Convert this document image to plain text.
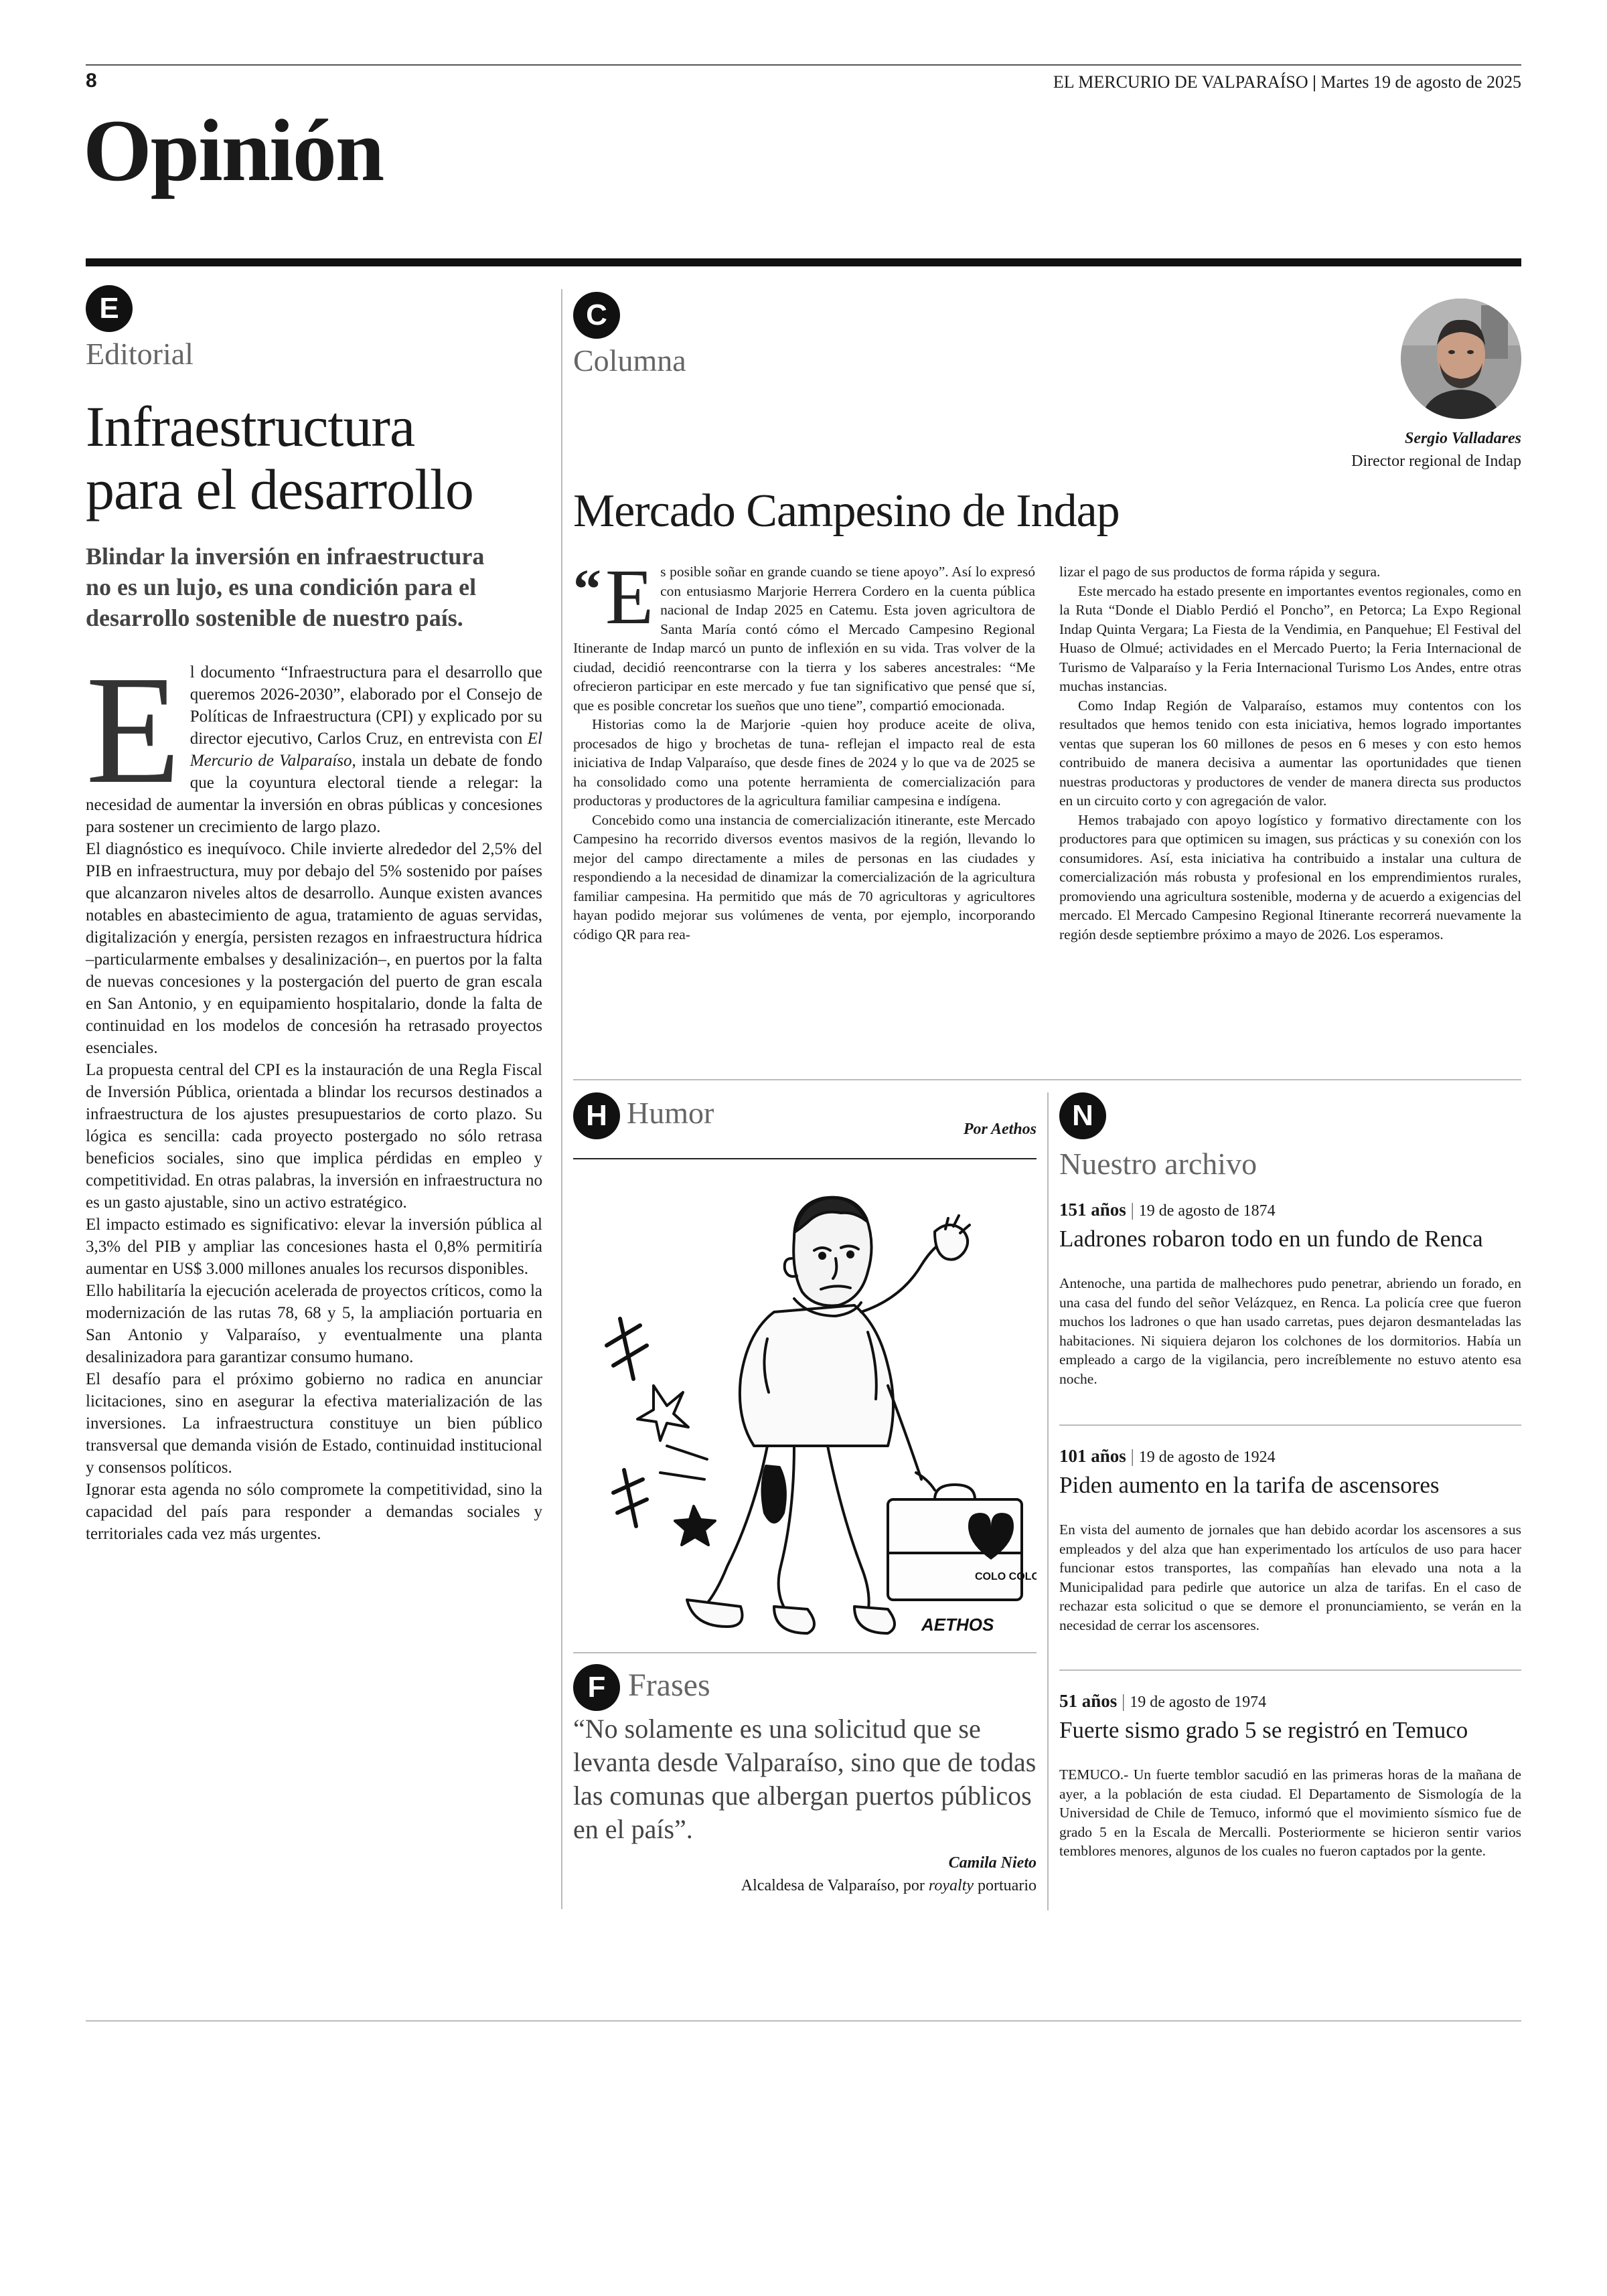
8	EL MERCURIO DE VALPARAÍSO | Martes 19 de agosto de 2025
Opinión
E
Editorial
Infraestructura
para el desarrollo
Blindar la inversión en infraestructura no es un lujo, es una condición para el desarrollo sostenible de nuestro país.

El documento “Infraestructura para el desarrollo que queremos 2026-2030”, elaborado por el Consejo de Políticas de Infraestructura (CPI) y explicado por su director ejecutivo, Carlos Cruz, en entrevista con El Mercurio de Valparaíso, instala un debate de fondo que la coyuntura electoral tiende a relegar: la necesidad de aumentar la inversión en obras públicas y concesiones para sostener un crecimiento de largo plazo.

El diagnóstico es inequívoco. Chile invierte alrededor del 2,5% del PIB en infraestructura, muy por debajo del 5% sostenido por países que alcanzaron niveles altos de desarrollo. Aunque existen avances notables en abastecimiento de agua, tratamiento de aguas servidas, digitalización y energía, persisten rezagos en infraestructura hídrica –particularmente embalses y desalinización–, en puertos por la falta de nuevas concesiones y la postergación del puerto de gran escala en San Antonio, y en equipamiento hospitalario, donde la falta de continuidad en los modelos de concesión ha retrasado proyectos esenciales.

La propuesta central del CPI es la instauración de una Regla Fiscal de Inversión Pública, orientada a blindar los recursos destinados a infraestructura de los ajustes presupuestarios de corto plazo. Su lógica es sencilla: cada proyecto postergado no sólo retrasa beneficios sociales, sino que implica pérdidas en empleo y competitividad. En otras palabras, la inversión en infraestructura no es un gasto ajustable, sino un activo estratégico.

El impacto estimado es significativo: elevar la inversión pública al 3,3% del PIB y ampliar las concesiones hasta el 0,8% permitiría aumentar en US$ 3.000 millones anuales los recursos disponibles.

Ello habilitaría la ejecución acelerada de proyectos críticos, como la modernización de las rutas 78, 68 y 5, la ampliación portuaria en San Antonio y Valparaíso, y eventualmente una planta desalinizadora para garantizar consumo humano.

El desafío para el próximo gobierno no radica en anunciar licitaciones, sino en asegurar la efectiva materialización de las inversiones. La infraestructura constituye un bien público transversal que demanda visión de Estado, continuidad institucional y consensos políticos.

Ignorar esta agenda no sólo compromete la competitividad, sino la capacidad del país para responder a demandas sociales y territoriales cada vez más urgentes.

C
Columna
Sergio Valladares
Director regional de Indap
Mercado Campesino de Indap

“ E s posible soñar en grande cuando se tiene apoyo”. Así lo expresó con entusiasmo Marjorie Herrera Cordero en la cuenta pública nacional de Indap 2025 en Catemu. Esta joven agricultora de Santa María contó cómo el Mercado Campesino Regional Itinerante de Indap marcó un punto de inflexión en su vida. Tras volver de la ciudad, decidió reencontrarse con la tierra y los saberes ancestrales: “Me ofrecieron participar en este mercado y fue tan significativo que pensé que sí, que es posible concretar los sueños que uno tiene”, compartió emocionada.

Historias como la de Marjorie -quien hoy produce aceite de oliva, procesados de higo y brochetas de tuna- reflejan el impacto real de esta iniciativa de Indap Valparaíso, que desde fines de 2024 y lo que va de 2025 se ha consolidado como una potente herramienta de comercialización para productoras y productores de la agricultura familiar campesina e indígena.

Concebido como una instancia de comercialización itinerante, este Mercado Campesino ha recorrido diversos eventos masivos de la región, llevando lo mejor del campo directamente a miles de personas en las ciudades y respondiendo a la necesidad de dinamizar la comercialización de la agricultura familiar campesina. Ha permitido que más de 70 agricultoras y agricultores hayan podido mejorar sus volúmenes de venta, por ejemplo, incorporando código QR para rea-

lizar el pago de sus productos de forma rápida y segura.

Este mercado ha estado presente en importantes eventos regionales, como en la Ruta “Donde el Diablo Perdió el Poncho”, en Petorca; La Expo Regional Indap Quinta Vergara; La Fiesta de la Vendimia, en Panquehue; El Festival del Huaso de Olmué; actividades en el Mercado Puerto; la Feria Internacional de Turismo de Valparaíso y la Feria Internacional Turismo Los Andes, entre otras muchas instancias.

Como Indap Región de Valparaíso, estamos muy contentos con los resultados que hemos tenido con esta iniciativa, hemos logrado importantes ventas que superan los 60 millones de pesos en 6 meses y con esto hemos contribuido de manera decisiva a aumentar las oportunidades que tienen nuestras productoras y productores de vender de manera directa sus productos en un circuito corto y con agregación de valor.

Hemos trabajado con apoyo logístico y formativo directamente con los productores para que optimicen su imagen, sus prácticas y su conexión con los consumidores. Así, esta iniciativa ha contribuido a instalar una cultura de comercialización más robusta y profesional en los emprendimientos rurales, promoviendo una agricultura sostenible, moderna y de acuerdo a exigencias del mercado. El Mercado Campesino Regional Itinerante recorrerá nuevamente la región desde septiembre próximo a mayo de 2026. Los esperamos.

H Humor	Por Aethos
COLO COLO
AETHOS
F Frases
“No solamente es una solicitud que se levanta desde Valparaíso, sino que de todas las comunas que albergan puertos públicos en el país”.
Camila Nieto
Alcaldesa de Valparaíso, por royalty portuario
N
Nuestro archivo
151 años | 19 de agosto de 1874
Ladrones robaron todo en un fundo de Renca
Antenoche, una partida de malhechores pudo penetrar, abriendo un forado, en una casa del fundo del señor Velázquez, en Renca. La policía cree que fueron muchos los ladrones o que han usado carretas, pues dejaron desmanteladas las habitaciones. Ni siquiera dejaron los colchones de los dormitorios. Había un empleado a cargo de la vigilancia, pero increíblemente no estuvo atento esa noche.
101 años | 19 de agosto de 1924
Piden aumento en la tarifa de ascensores
En vista del aumento de jornales que han debido acordar los ascensores a sus empleados y del alza que han experimentado los artículos de uso para hacer funcionar estos transportes, las compañías han elevado una nota a la Municipalidad para pedirle que autorice un alza de tarifas. En el caso de rechazar esta solicitud o que se demore el pronunciamiento, se verán en la necesidad de cerrar los ascensores.
51 años | 19 de agosto de 1974
Fuerte sismo grado 5 se registró en Temuco
TEMUCO.- Un fuerte temblor sacudió en las primeras horas de la mañana de ayer, a la población de esta ciudad. El Departamento de Sismología de la Universidad de Chile de Temuco, informó que el movimiento sísmico fue de grado 5 en la Escala de Mercalli. Posteriormente se hicieron sentir varios temblores menores, algunos de los cuales no fueron captados por la gente.
